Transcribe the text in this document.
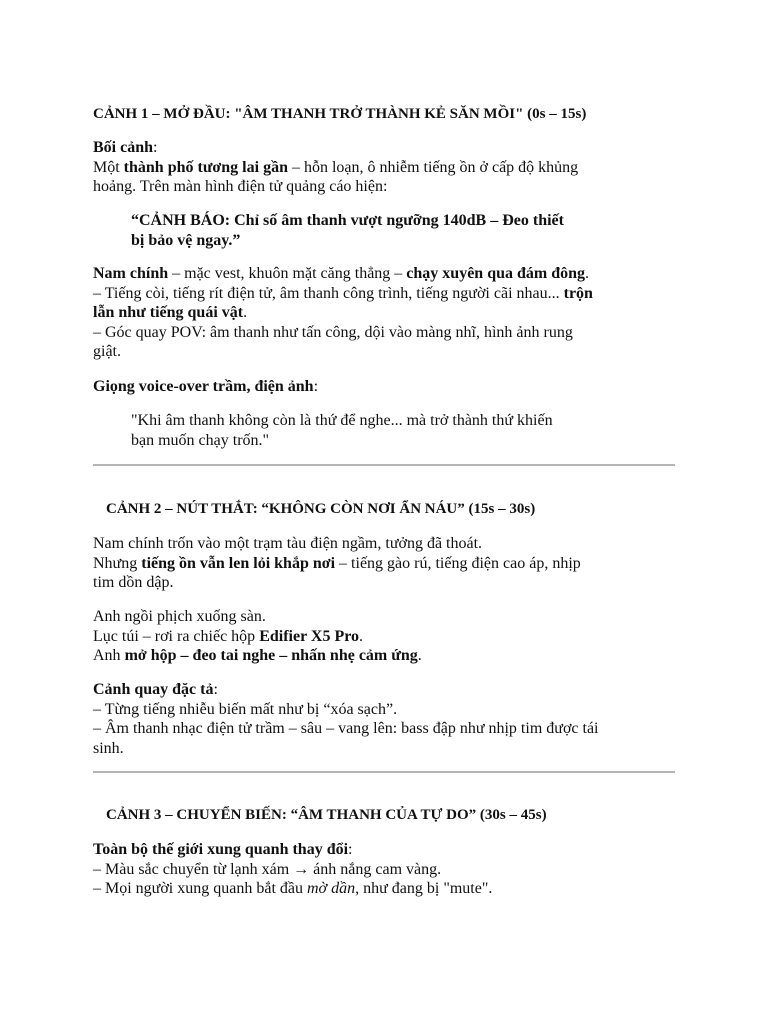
CẢNH 1 – MỞ ĐẦU: "ÂM THANH TRỞ THÀNH KẺ SĂN MỒI" (0s – 15s)
Bối cảnh:
Một thành phố tương lai gần – hỗn loạn, ô nhiễm tiếng ồn ở cấp độ khủng
hoảng. Trên màn hình điện tử quảng cáo hiện:
“CẢNH BÁO: Chỉ số âm thanh vượt ngưỡng 140dB – Đeo thiết
bị bảo vệ ngay.”
Nam chính – mặc vest, khuôn mặt căng thẳng – chạy xuyên qua đám đông.
– Tiếng còi, tiếng rít điện tử, âm thanh công trình, tiếng người cãi nhau... trộn
lẫn như tiếng quái vật.
– Góc quay POV: âm thanh như tấn công, dội vào màng nhĩ, hình ảnh rung
giật.
Giọng voice-over trầm, điện ảnh:
"Khi âm thanh không còn là thứ để nghe... mà trở thành thứ khiến
bạn muốn chạy trốn."
CẢNH 2 – NÚT THẮT: “KHÔNG CÒN NƠI ẨN NÁU” (15s – 30s)
Nam chính trốn vào một trạm tàu điện ngầm, tưởng đã thoát.
Nhưng tiếng ồn vẫn len lỏi khắp nơi – tiếng gào rú, tiếng điện cao áp, nhịp
tim dồn dập.
Anh ngồi phịch xuống sàn.
Lục túi – rơi ra chiếc hộp Edifier X5 Pro.
Anh mở hộp – đeo tai nghe – nhấn nhẹ cảm ứng.
Cảnh quay đặc tả:
– Từng tiếng nhiễu biến mất như bị “xóa sạch”.
– Âm thanh nhạc điện tử trầm – sâu – vang lên: bass đập như nhịp tim được tái
sinh.
CẢNH 3 – CHUYỂN BIẾN: “ÂM THANH CỦA TỰ DO” (30s – 45s)
Toàn bộ thế giới xung quanh thay đổi:
– Màu sắc chuyển từ lạnh xám → ánh nắng cam vàng.
– Mọi người xung quanh bắt đầu mờ dần, như đang bị "mute".
